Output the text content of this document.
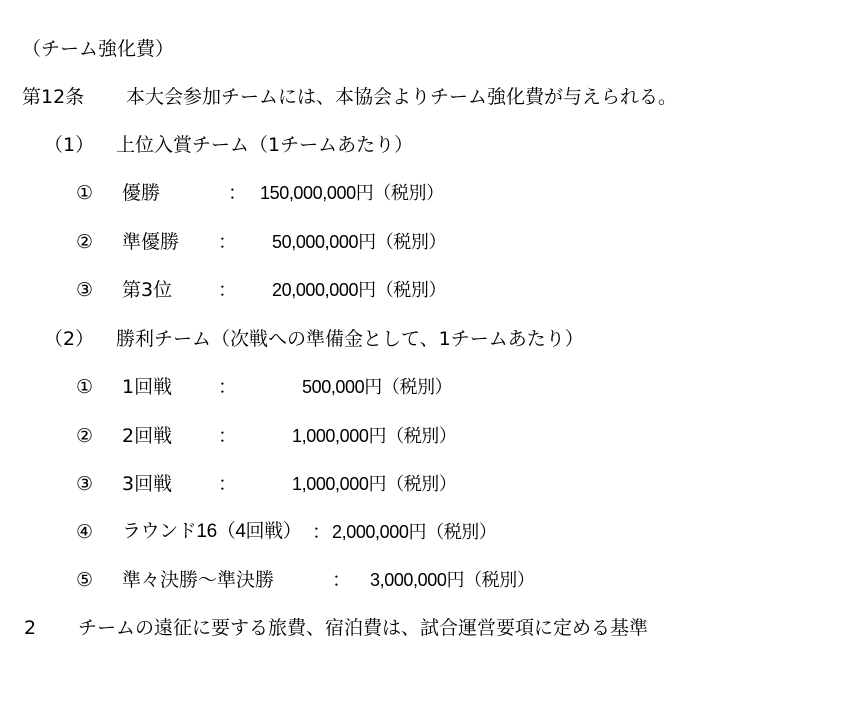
（チーム強化費）
第12条 本大会参加チームには、本協会よりチーム強化費が与えられる。
（1） 上位入賞チーム（1チームあたり）
① 優勝	： 150,000,000円（税別）
② 準優勝 ： 50,000,000円（税別）
③ 第3位 ： 20,000,000円（税別）
（2） 勝利チーム（次戦への準備金として、1チームあたり）
① 1回戦 ：	500,000円（税別）
② 2回戦 ：	1,000,000円（税別）
③ 3回戦 ：	1,000,000円（税別）
④ ラウンド16（4回戦） ： 2,000,000円（税別）
⑤ 準々決勝～準決勝	： 3,000,000円（税別）
2 チームの遠征に要する旅費、宿泊費は、試合運営要項に定める基準
